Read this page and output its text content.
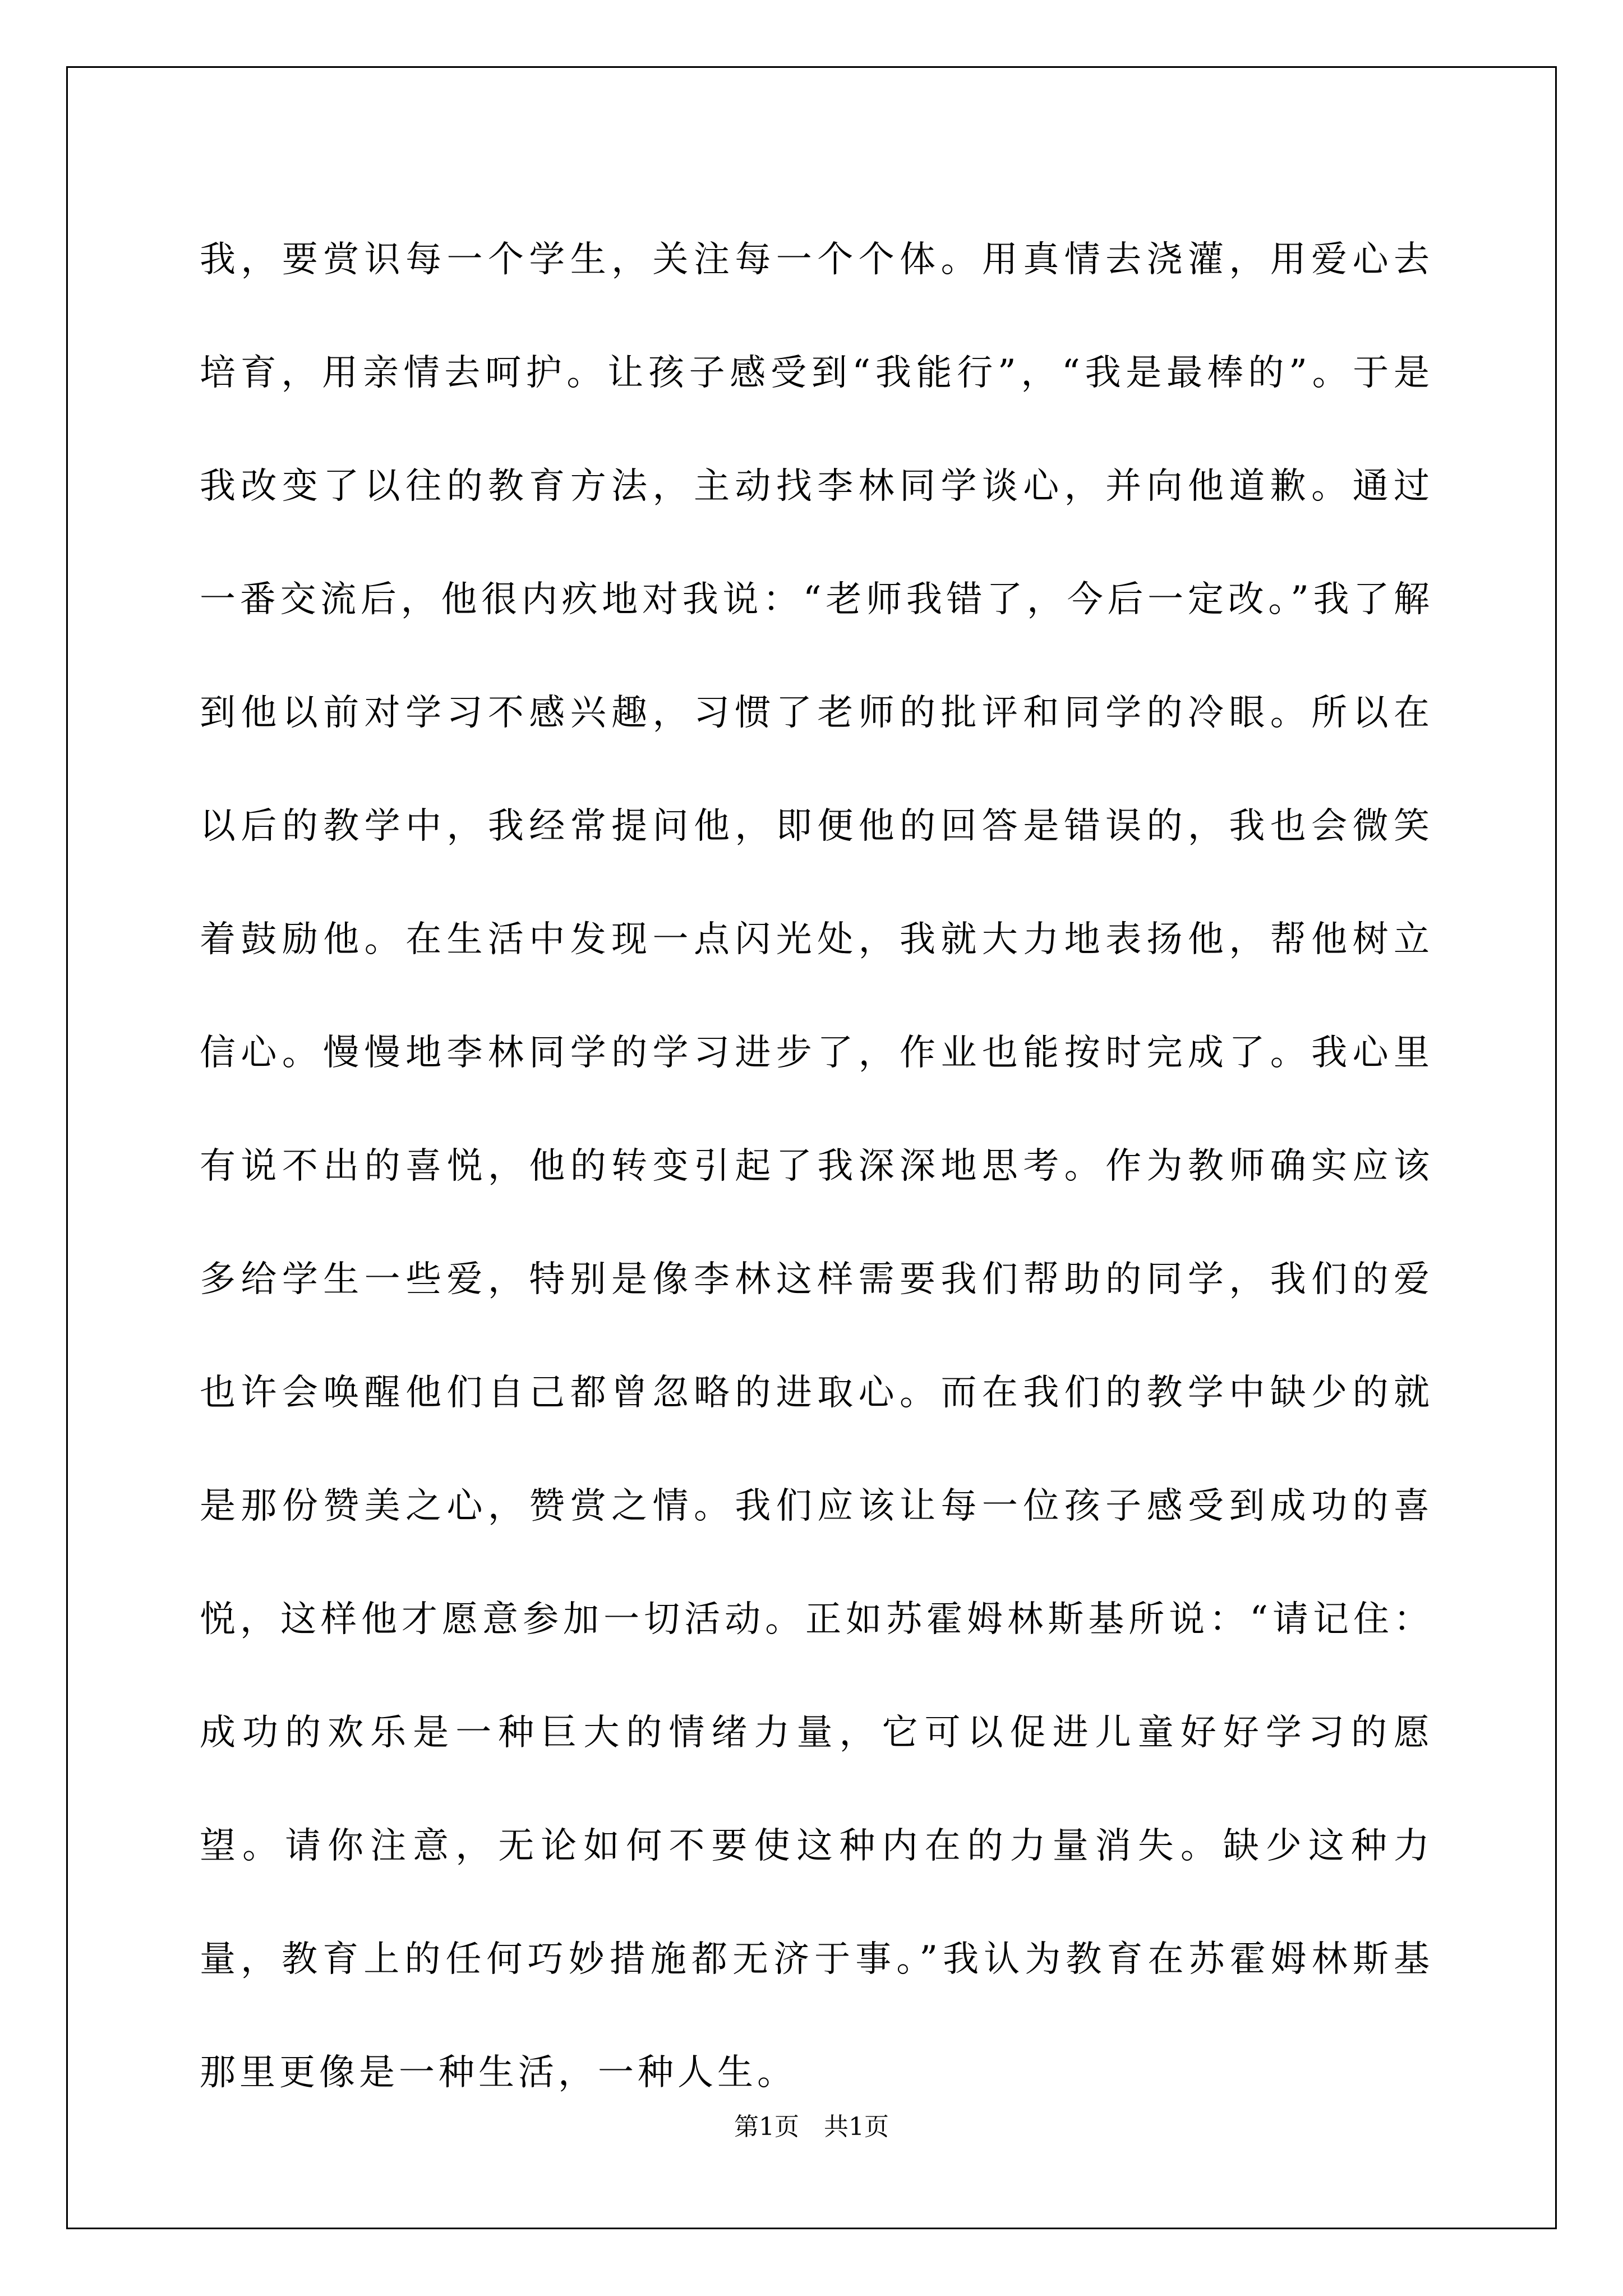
我，要赏识每一个学生，关注每一个个体。用真情去浇灌，用爱心去培育，用亲情去呵护。让孩子感受到“我能行”，“我是最棒的”。于是我改变了以往的教育方法，主动找李林同学谈心，并向他道歉。通过一番交流后，他很内疚地对我说：“老师我错了，今后一定改。”我了解到他以前对学习不感兴趣，习惯了老师的批评和同学的冷眼。所以在以后的教学中，我经常提问他，即便他的回答是错误的，我也会微笑着鼓励他。在生活中发现一点闪光处，我就大力地表扬他，帮他树立信心。慢慢地李林同学的学习进步了，作业也能按时完成了。我心里有说不出的喜悦，他的转变引起了我深深地思考。作为教师确实应该多给学生一些爱，特别是像李林这样需要我们帮助的同学，我们的爱也许会唤醒他们自己都曾忽略的进取心。而在我们的教学中缺少的就是那份赞美之心，赞赏之情。我们应该让每一位孩子感受到成功的喜悦，这样他才愿意参加一切活动。正如苏霍姆林斯基所说：“请记住：成功的欢乐是一种巨大的情绪力量，它可以促进儿童好好学习的愿望。请你注意，无论如何不要使这种内在的力量消失。缺少这种力量，教育上的任何巧妙措施都无济于事。”我认为教育在苏霍姆林斯基那里更像是一种生活，一种人生。

第1页　共1页
